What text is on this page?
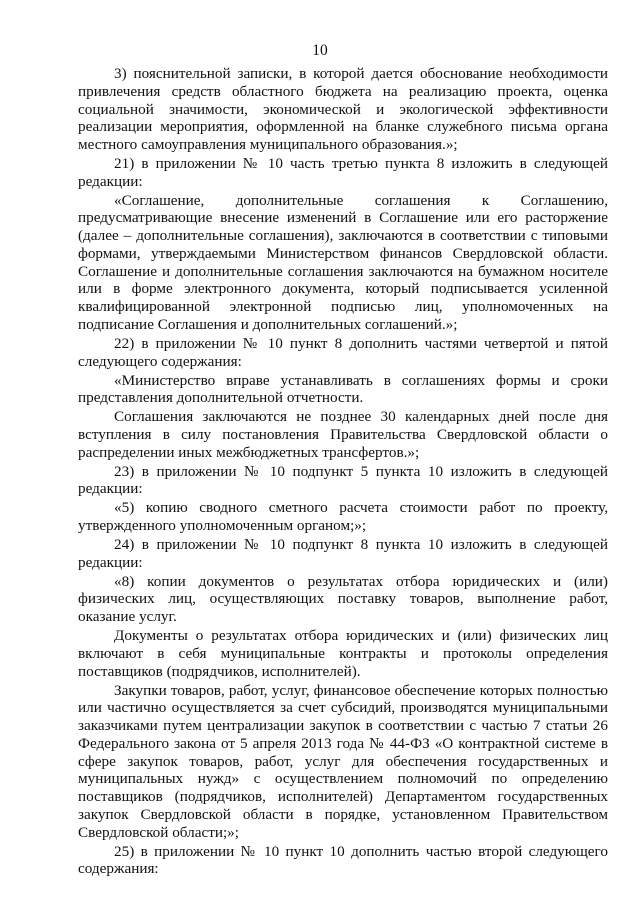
10

3) пояснительной записки, в которой дается обоснование необходимости привлечения средств областного бюджета на реализацию проекта, оценка социальной значимости, экономической и экологической эффективности реализации мероприятия, оформленной на бланке служебного письма органа местного самоуправления муниципального образования.»;

21) в приложении № 10 часть третью пункта 8 изложить в следующей редакции:

«Соглашение, дополнительные соглашения к Соглашению, предусматривающие внесение изменений в Соглашение или его расторжение (далее – дополнительные соглашения), заключаются в соответствии с типовыми формами, утверждаемыми Министерством финансов Свердловской области. Соглашение и дополнительные соглашения заключаются на бумажном носителе или в форме электронного документа, который подписывается усиленной квалифицированной электронной подписью лиц, уполномоченных на подписание Соглашения и дополнительных соглашений.»;

22) в приложении № 10 пункт 8 дополнить частями четвертой и пятой следующего содержания:

«Министерство вправе устанавливать в соглашениях формы и сроки представления дополнительной отчетности.

Соглашения заключаются не позднее 30 календарных дней после дня вступления в силу постановления Правительства Свердловской области о распределении иных межбюджетных трансфертов.»;

23) в приложении № 10 подпункт 5 пункта 10 изложить в следующей редакции:

«5) копию сводного сметного расчета стоимости работ по проекту, утвержденного уполномоченным органом;»;

24) в приложении № 10 подпункт 8 пункта 10 изложить в следующей редакции:

«8) копии документов о результатах отбора юридических и (или) физических лиц, осуществляющих поставку товаров, выполнение работ, оказание услуг.

Документы о результатах отбора юридических и (или) физических лиц включают в себя муниципальные контракты и протоколы определения поставщиков (подрядчиков, исполнителей).

Закупки товаров, работ, услуг, финансовое обеспечение которых полностью или частично осуществляется за счет субсидий, производятся муниципальными заказчиками путем централизации закупок в соответствии с частью 7 статьи 26 Федерального закона от 5 апреля 2013 года № 44-ФЗ «О контрактной системе в сфере закупок товаров, работ, услуг для обеспечения государственных и муниципальных нужд» с осуществлением полномочий по определению поставщиков (подрядчиков, исполнителей) Департаментом государственных закупок Свердловской области в порядке, установленном Правительством Свердловской области;»;

25) в приложении № 10 пункт 10 дополнить частью второй следующего содержания:
